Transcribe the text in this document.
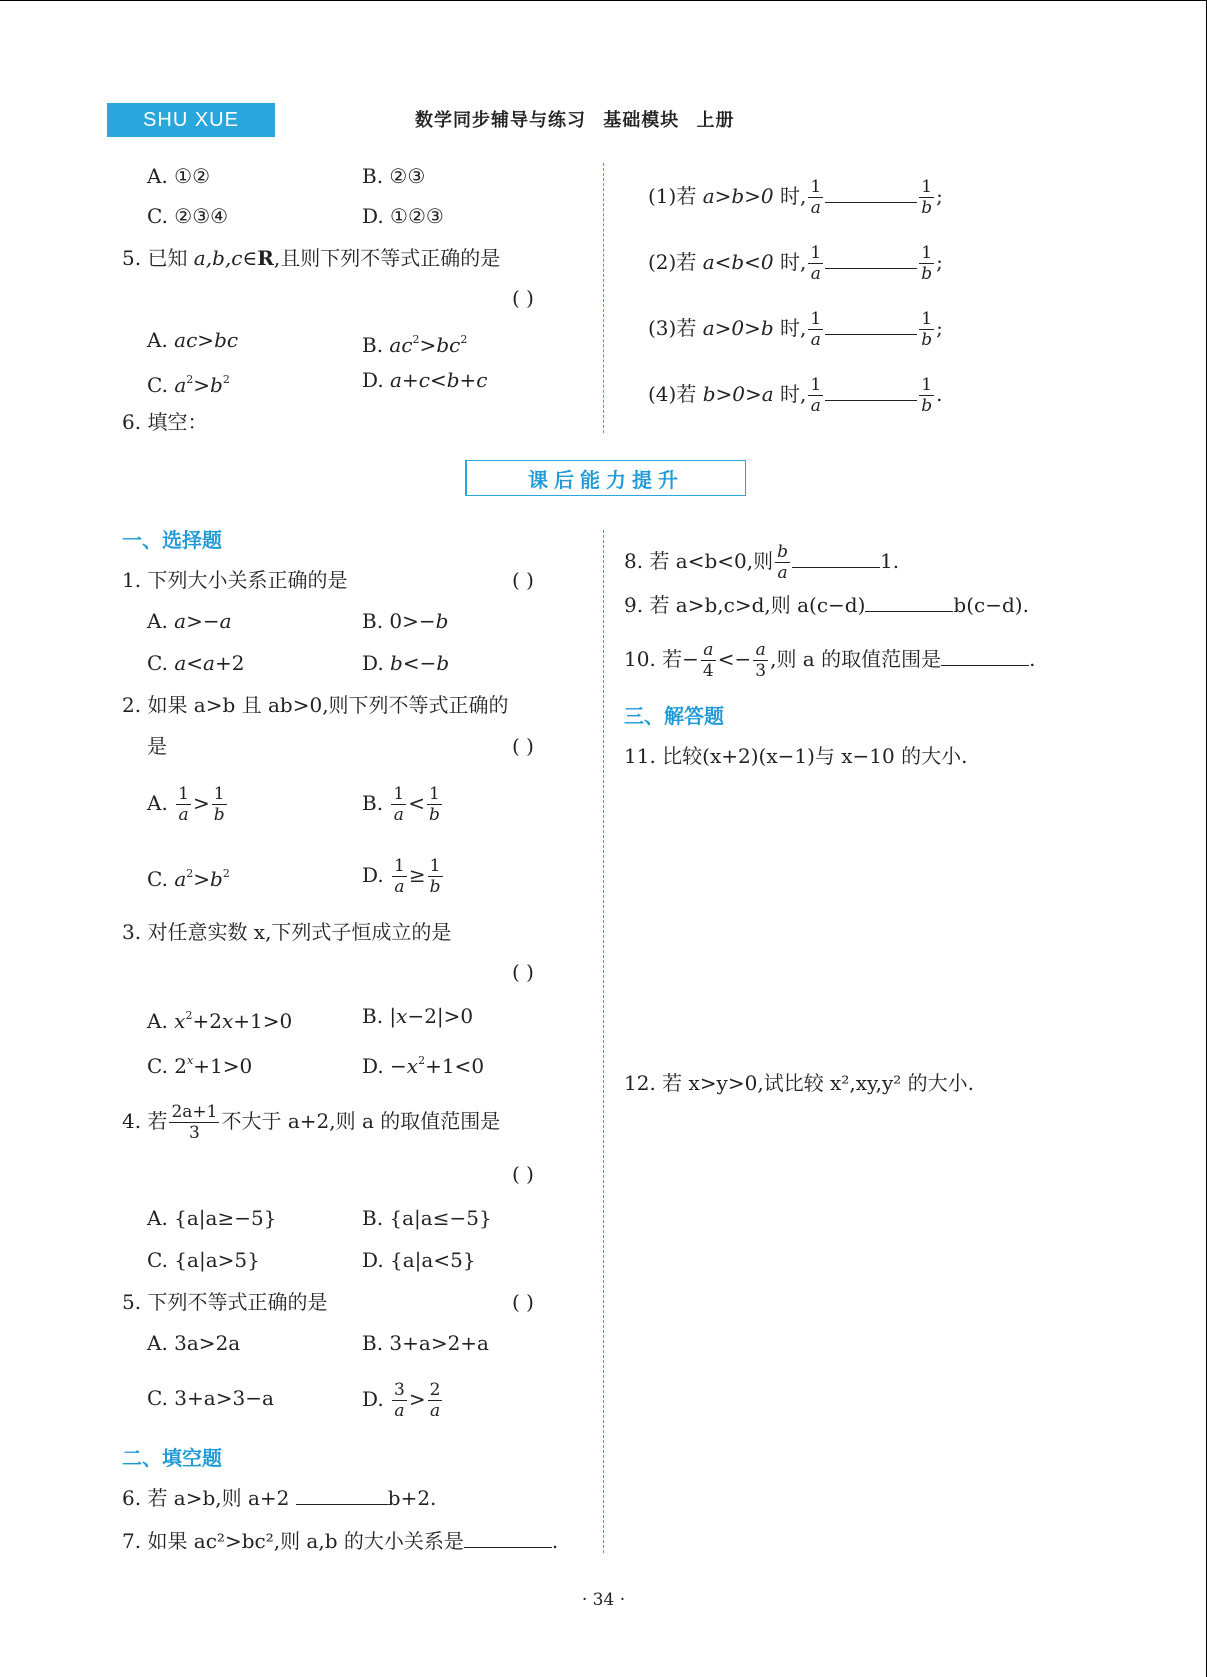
SHU XUE	数学同步辅导与练习 基础模块 上册
A. ①②	B. ②③
C. ②③④	D. ①②③
5. 已知 a,b,c∈R,且则下列不等式正确的是
( )
A. ac>bc	B. $ac^2>bc^2$
C. $a^2>b^2$	D. a+c<b+c
6. 填空：
(1)若 a>b>0 时, $\frac{1}{a}$	$\frac{1}{b}$ ;
(2)若 a<b<0 时, $\frac{1}{a}$	$\frac{1}{b}$ ;
(3)若 a>0>b 时, $\frac{1}{a}$	$\frac{1}{b}$ ;
(4)若 b>0>a 时, $\frac{1}{a}$	$\frac{1}{b}$ .
课后能力提升
一、选择题
1. 下列大小关系正确的是	( )
A. a>−a	B. 0>−b
C. a<a+2	D. b<−b
2. 如果 a>b 且 ab>0,则下列不等式正确的
是	( )
A. $\frac{1}{a} > \frac{1}{b}$	B. $\frac{1}{a} < \frac{1}{b}$
C. $a^2>b^2$	D. $\frac{1}{a} \ge \frac{1}{b}$
3. 对任意实数 x,下列式子恒成立的是
( )
A. $x^2+2x+1>0$	B. |x−2|>0
C. $2^x+1>0$	D. $-x^2+1<0$
4. 若 $\frac{2a+1}{3}$ 不大于 a+2,则 a 的取值范围是
( )
A. {a|a≥−5}	B. {a|a≤−5}
C. {a|a>5}	D. {a|a<5}
5. 下列不等式正确的是	( )
A. 3a>2a	B. 3+a>2+a
C. 3+a>3−a	D. $\frac{3}{a} > \frac{2}{a}$
二、填空题
6. 若 a>b,则 a+2	b+2.
7. 如果 ac²>bc²,则 a,b 的大小关系是	.
8. 若 a<b<0,则 $\frac{b}{a}$	1.
9. 若 a>b,c>d,则 a(c−d)	b(c−d).
10. 若− $\frac{a}{4} <- \frac{a}{3}$ ,则 a 的取值范围是	.
三、解答题
11. 比较(x+2)(x−1)与 x−10 的大小.
12. 若 x>y>0,试比较 x²,xy,y² 的大小.
· 34 ·
